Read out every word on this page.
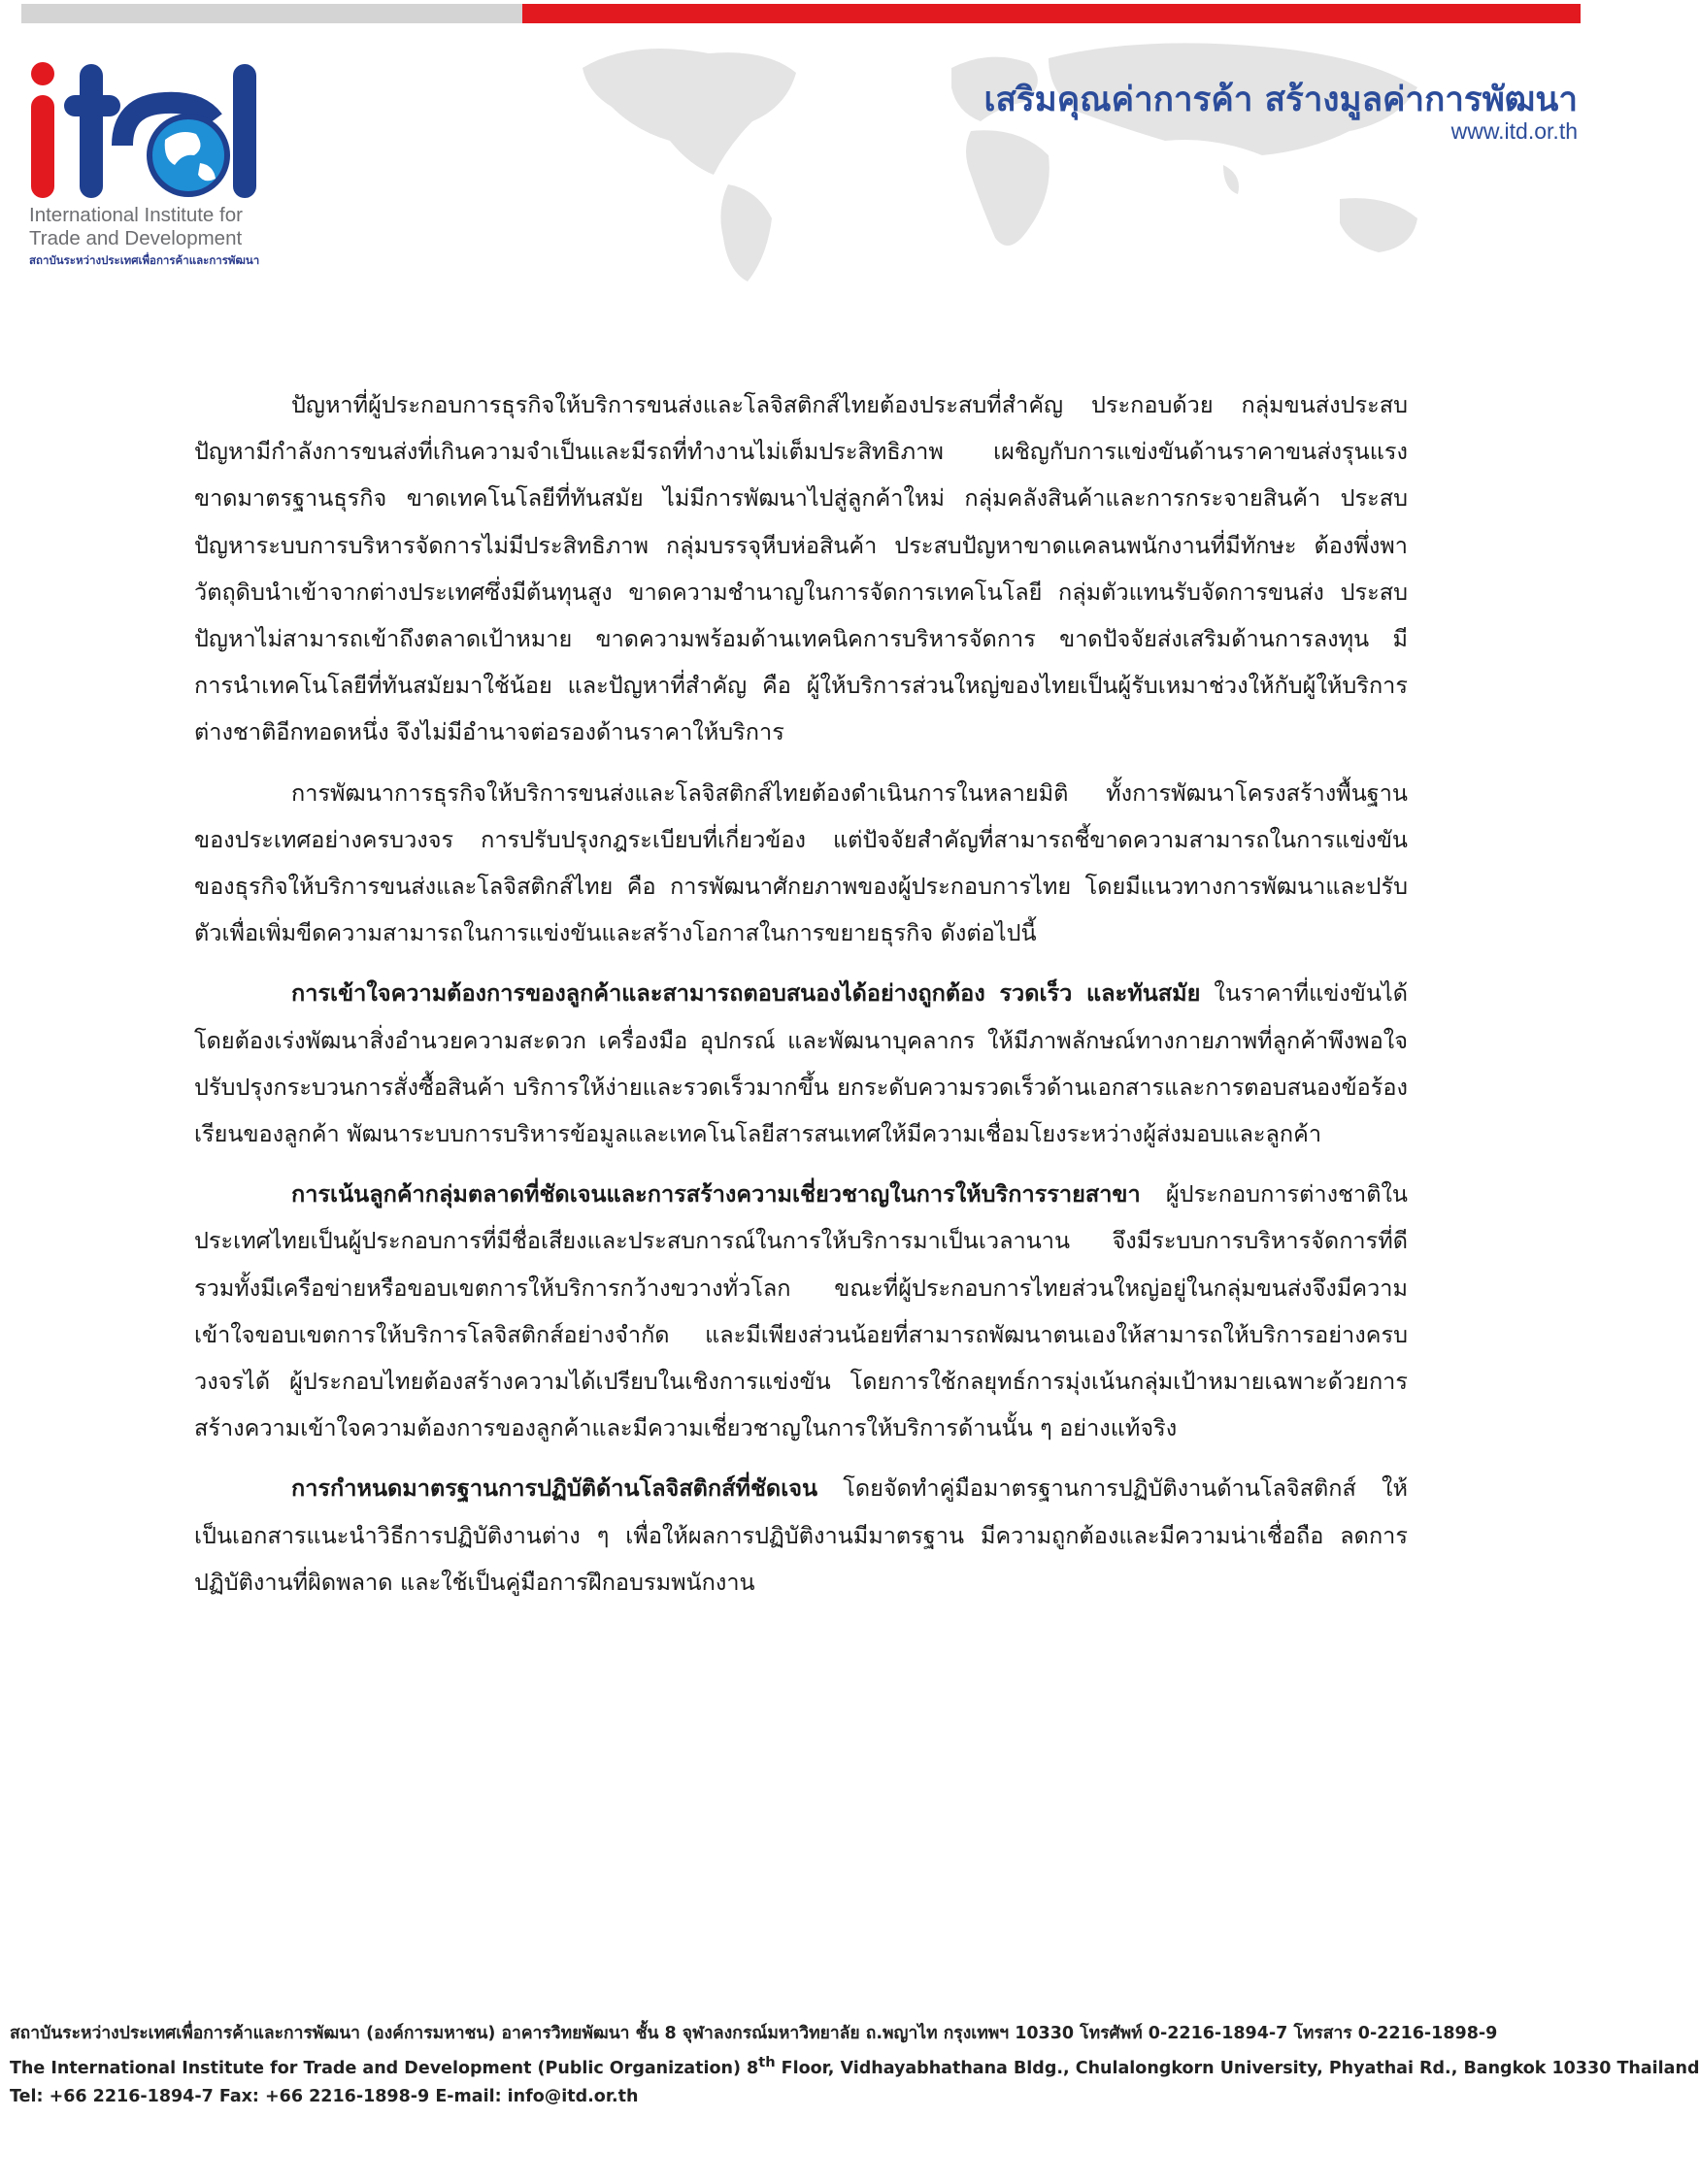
International Institute for
Trade and Development
สถาบันระหว่างประเทศเพื่อการค้าและการพัฒนา
เสริมคุณค่าการค้า สร้างมูลค่าการพัฒนา
www.itd.or.th

ปัญหาที่ผู้ประกอบการธุรกิจให้บริการขนส่งและโลจิสติกส์ไทยต้องประสบที่สำคัญ ประกอบด้วย กลุ่มขนส่งประสบปัญหามีกำลังการขนส่งที่เกินความจำเป็นและมีรถที่ทำงานไม่เต็มประสิทธิภาพ เผชิญกับการแข่งขันด้านราคาขนส่งรุนแรง ขาดมาตรฐานธุรกิจ ขาดเทคโนโลยีที่ทันสมัย ไม่มีการพัฒนาไปสู่ลูกค้าใหม่ กลุ่มคลังสินค้าและการกระจายสินค้า ประสบปัญหาระบบการบริหารจัดการไม่มีประสิทธิภาพ กลุ่มบรรจุหีบห่อสินค้า ประสบปัญหาขาดแคลนพนักงานที่มีทักษะ ต้องพึ่งพาวัตถุดิบนำเข้าจากต่างประเทศซึ่งมีต้นทุนสูง ขาดความชำนาญในการจัดการเทคโนโลยี กลุ่มตัวแทนรับจัดการขนส่ง ประสบปัญหาไม่สามารถเข้าถึงตลาดเป้าหมาย ขาดความพร้อมด้านเทคนิคการบริหารจัดการ ขาดปัจจัยส่งเสริมด้านการลงทุน มีการนำเทคโนโลยีที่ทันสมัยมาใช้น้อย และปัญหาที่สำคัญ คือ ผู้ให้บริการส่วนใหญ่ของไทยเป็นผู้รับเหมาช่วงให้กับผู้ให้บริการต่างชาติอีกทอดหนึ่ง จึงไม่มีอำนาจต่อรองด้านราคาให้บริการ

การพัฒนาการธุรกิจให้บริการขนส่งและโลจิสติกส์ไทยต้องดำเนินการในหลายมิติ ทั้งการพัฒนาโครงสร้างพื้นฐานของประเทศอย่างครบวงจร การปรับปรุงกฎระเบียบที่เกี่ยวข้อง แต่ปัจจัยสำคัญที่สามารถชี้ขาดความสามารถในการแข่งขันของธุรกิจให้บริการขนส่งและโลจิสติกส์ไทย คือ การพัฒนาศักยภาพของผู้ประกอบการไทย โดยมีแนวทางการพัฒนาและปรับตัวเพื่อเพิ่มขีดความสามารถในการแข่งขันและสร้างโอกาสในการขยายธุรกิจ ดังต่อไปนี้

การเข้าใจความต้องการของลูกค้าและสามารถตอบสนองได้อย่างถูกต้อง รวดเร็ว และทันสมัย ในราคาที่แข่งขันได้ โดยต้องเร่งพัฒนาสิ่งอำนวยความสะดวก เครื่องมือ อุปกรณ์ และพัฒนาบุคลากร ให้มีภาพลักษณ์ทางกายภาพที่ลูกค้าพึงพอใจ ปรับปรุงกระบวนการสั่งซื้อสินค้า บริการให้ง่ายและรวดเร็วมากขึ้น ยกระดับความรวดเร็วด้านเอกสารและการตอบสนองข้อร้องเรียนของลูกค้า พัฒนาระบบการบริหารข้อมูลและเทคโนโลยีสารสนเทศให้มีความเชื่อมโยงระหว่างผู้ส่งมอบและลูกค้า

การเน้นลูกค้ากลุ่มตลาดที่ชัดเจนและการสร้างความเชี่ยวชาญในการให้บริการรายสาขา ผู้ประกอบการต่างชาติในประเทศไทยเป็นผู้ประกอบการที่มีชื่อเสียงและประสบการณ์ในการให้บริการมาเป็นเวลานาน จึงมีระบบการบริหารจัดการที่ดี รวมทั้งมีเครือข่ายหรือขอบเขตการให้บริการกว้างขวางทั่วโลก ขณะที่ผู้ประกอบการไทยส่วนใหญ่อยู่ในกลุ่มขนส่งจึงมีความเข้าใจขอบเขตการให้บริการโลจิสติกส์อย่างจำกัด และมีเพียงส่วนน้อยที่สามารถพัฒนาตนเองให้สามารถให้บริการอย่างครบวงจรได้ ผู้ประกอบไทยต้องสร้างความได้เปรียบในเชิงการแข่งขัน โดยการใช้กลยุทธ์การมุ่งเน้นกลุ่มเป้าหมายเฉพาะด้วยการสร้างความเข้าใจความต้องการของลูกค้าและมีความเชี่ยวชาญในการให้บริการด้านนั้น ๆ อย่างแท้จริง

การกำหนดมาตรฐานการปฏิบัติด้านโลจิสติกส์ที่ชัดเจน โดยจัดทำคู่มือมาตรฐานการปฏิบัติงานด้านโลจิสติกส์ ให้เป็นเอกสารแนะนำวิธีการปฏิบัติงานต่าง ๆ เพื่อให้ผลการปฏิบัติงานมีมาตรฐาน มีความถูกต้องและมีความน่าเชื่อถือ ลดการปฏิบัติงานที่ผิดพลาด และใช้เป็นคู่มือการฝึกอบรมพนักงาน

สถาบันระหว่างประเทศเพื่อการค้าและการพัฒนา (องค์การมหาชน) อาคารวิทยพัฒนา ชั้น 8 จุฬาลงกรณ์มหาวิทยาลัย ถ.พญาไท กรุงเทพฯ 10330 โทรศัพท์ 0-2216-1894-7 โทรสาร 0-2216-1898-9
The International Institute for Trade and Development (Public Organization) 8th Floor, Vidhayabhathana Bldg., Chulalongkorn University, Phyathai Rd., Bangkok 10330 Thailand
Tel: +66 2216-1894-7 Fax: +66 2216-1898-9 E-mail: info@itd.or.th
